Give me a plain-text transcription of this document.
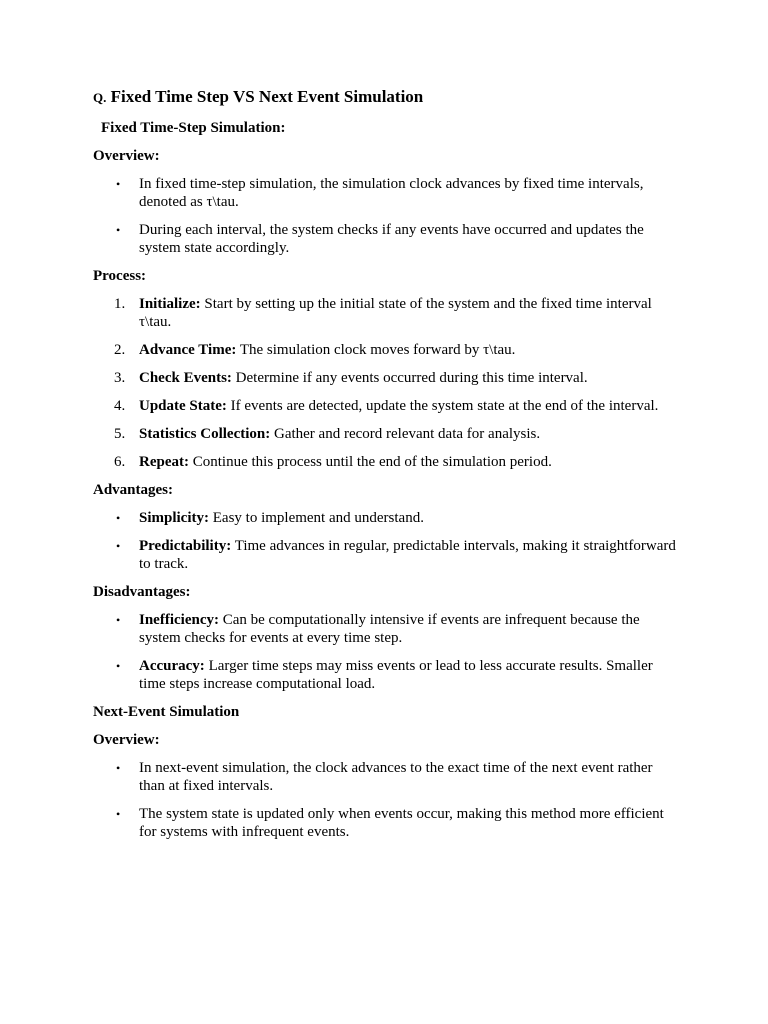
Q. Fixed Time Step VS Next Event Simulation
Fixed Time-Step Simulation:
Overview:
• In fixed time-step simulation, the simulation clock advances by fixed time intervals, denoted as τ\tau.
• During each interval, the system checks if any events have occurred and updates the system state accordingly.
Process:
1. Initialize: Start by setting up the initial state of the system and the fixed time interval τ\tau.
2. Advance Time: The simulation clock moves forward by τ\tau.
3. Check Events: Determine if any events occurred during this time interval.
4. Update State: If events are detected, update the system state at the end of the interval.
5. Statistics Collection: Gather and record relevant data for analysis.
6. Repeat: Continue this process until the end of the simulation period.
Advantages:
• Simplicity: Easy to implement and understand.
• Predictability: Time advances in regular, predictable intervals, making it straightforward to track.
Disadvantages:
• Inefficiency: Can be computationally intensive if events are infrequent because the system checks for events at every time step.
• Accuracy: Larger time steps may miss events or lead to less accurate results. Smaller time steps increase computational load.
Next-Event Simulation
Overview:
• In next-event simulation, the clock advances to the exact time of the next event rather than at fixed intervals.
• The system state is updated only when events occur, making this method more efficient for systems with infrequent events.
